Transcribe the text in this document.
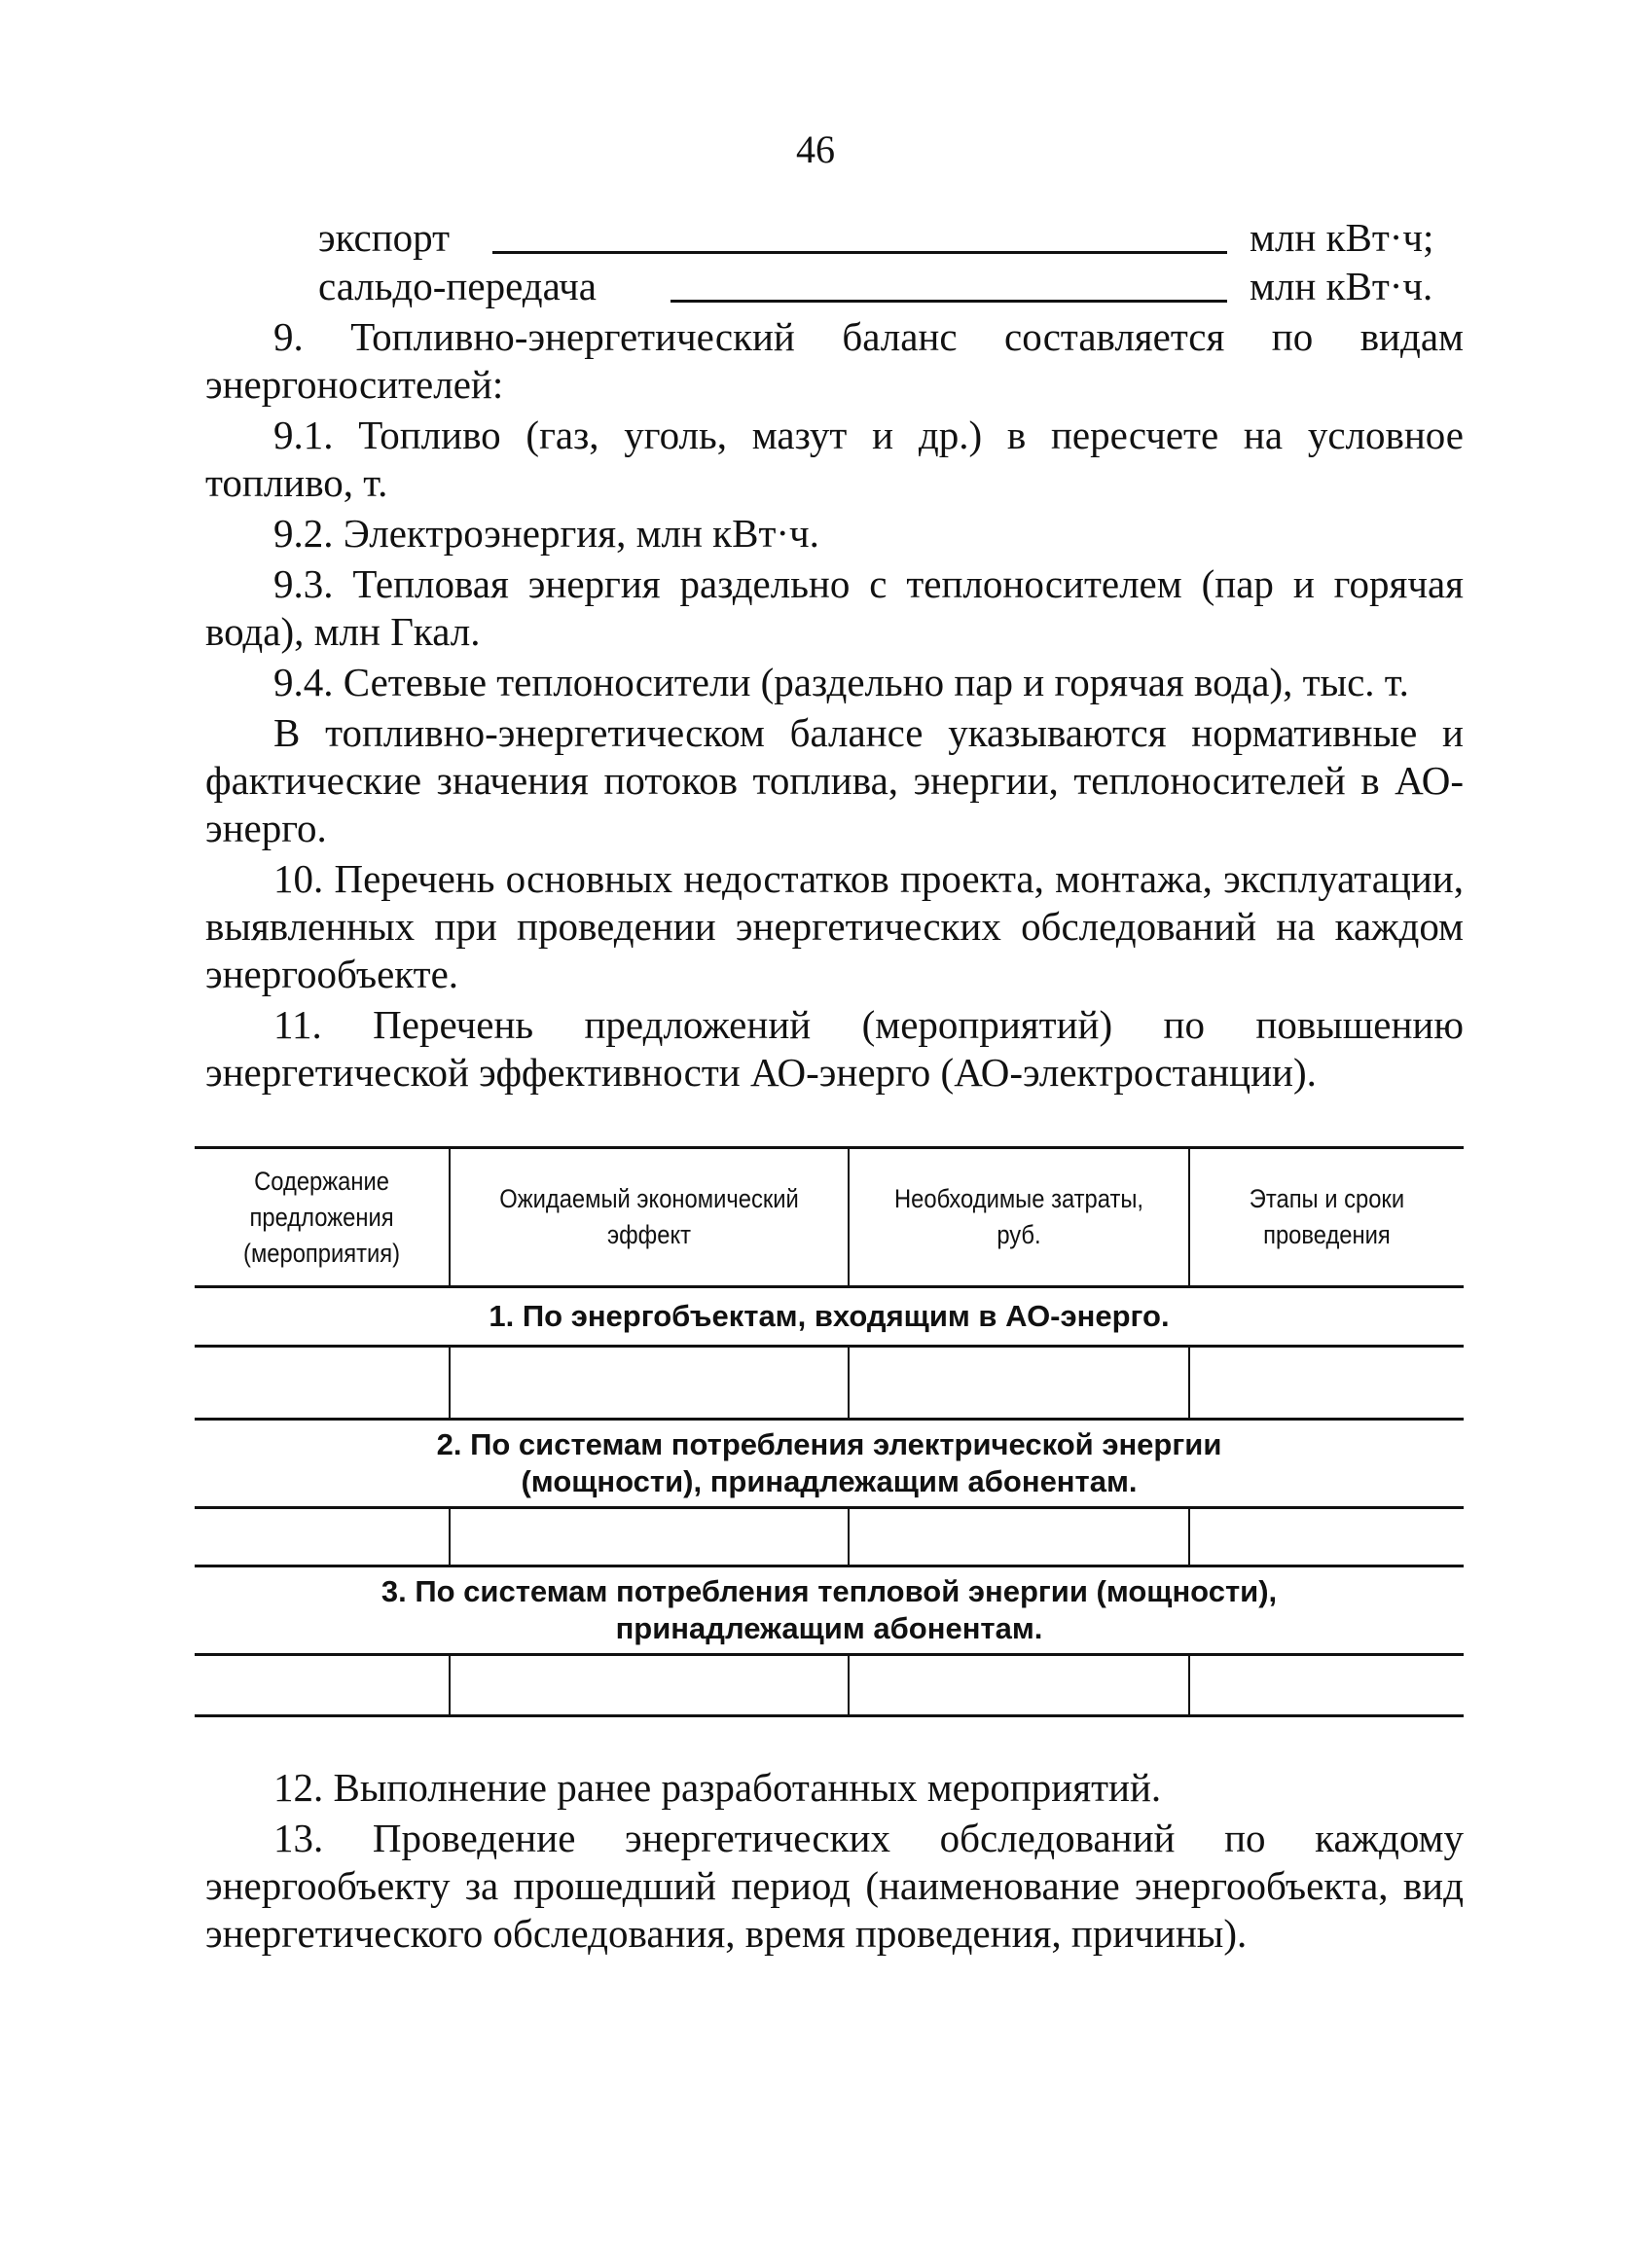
46
экспорт	млн кВт·ч;
сальдо-передача	млн кВт·ч.

9. Топливно-энергетический баланс составляется по видам энергоносителей:

9.1. Топливо (газ, уголь, мазут и др.) в пересчете на условное топливо, т.

9.2. Электроэнергия, млн кВт·ч.

9.3. Тепловая энергия раздельно с теплоносителем (пар и горячая вода), млн Гкал.

9.4. Сетевые теплоносители (раздельно пар и горячая вода), тыс. т.

В топливно-энергетическом балансе указываются нормативные и фактические значения потоков топлива, энергии, теплоносителей в АО-энерго.

10. Перечень основных недостатков проекта, монтажа, эксплуатации, выявленных при проведении энергетических обследований на каждом энергообъекте.

11. Перечень предложений (мероприятий) по повышению энергетической эффективности АО-энерго (АО-электростанции).

Содержание предложения (мероприятия)	Ожидаемый экономический эффект	Необходимые затраты, руб.	Этапы и сроки проведения
1. По энергобъектам, входящим в АО-энерго.			

2. По системам потребления электрической энергии (мощности), принадлежащим абонентам.			

3. По системам потребления тепловой энергии (мощности), принадлежащим абонентам.			

12. Выполнение ранее разработанных мероприятий.

13. Проведение энергетических обследований по каждому энергообъекту за прошедший период (наименование энергообъекта, вид энергетического обследования, время проведения, причины).
